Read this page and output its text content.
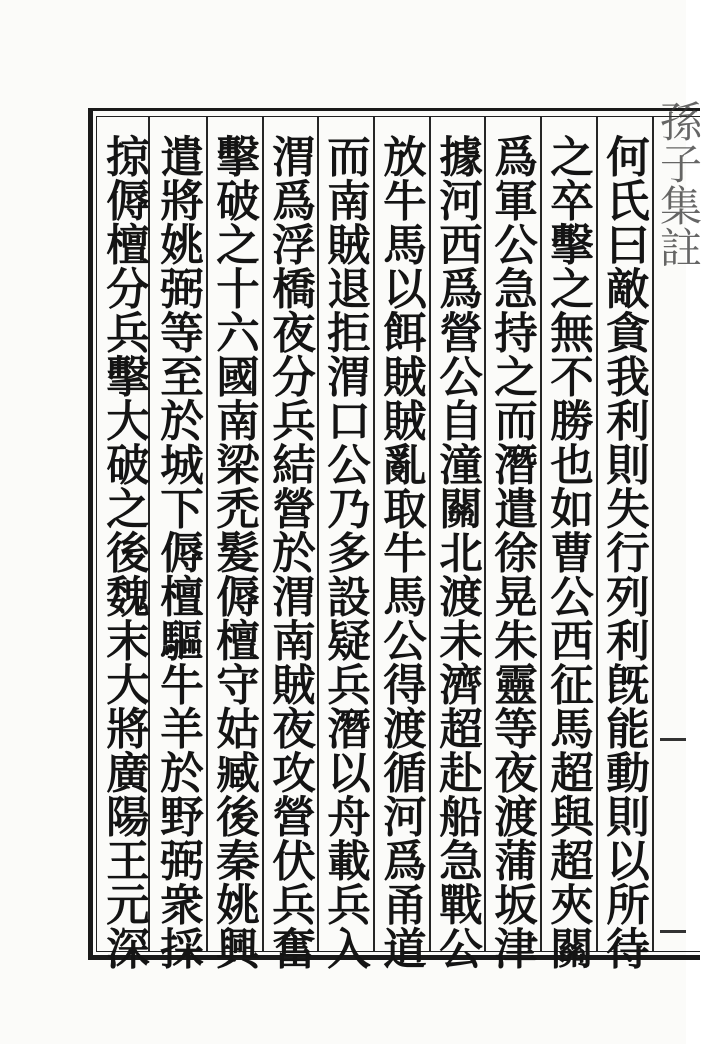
何氏曰敵貪我利則失行列利旣能動則以所待
之卒擊之無不勝也如曹公西征馬超與超夾關
爲軍公急持之而潛遣徐晃朱靈等夜渡蒲坂津
據河西爲營公自潼關北渡未濟超赴船急戰公
放牛馬以餌賊賊亂取牛馬公得渡循河爲甬道
而南賊退拒渭口公乃多設疑兵潛以舟載兵入
渭爲浮橋夜分兵結營於渭南賊夜攻營伏兵奮
擊破之十六國南梁禿髮傉檀守姑臧後秦姚興
遣將姚弼等至於城下傉檀驅牛羊於野弼衆採
掠傉檀分兵擊大破之後魏末大將廣陽王元深	孫子集註
